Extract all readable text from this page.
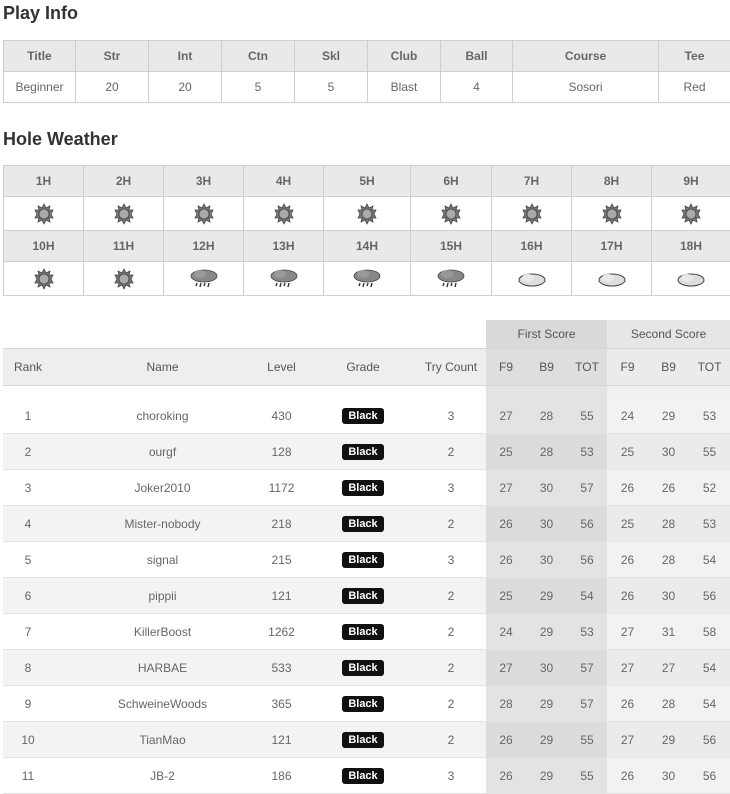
Play Info
Title	Str	Int	Ctn	Skl	Club	Ball	Course	Tee
Beginner	20	20	5	5	Blast	4	Sosori	Red
Hole Weather
1H	2H	3H	4H	5H	6H	7H	8H	9H

10H	11H	12H	13H	14H	15H	16H	17H	18H

					First Score			Second Score		
Rank	Name	Level	Grade	Try Count	F9	B9	TOT	F9	B9	TOT

1	choroking	430	Black	3	27	28	55	24	29	53
2	ourgf	128	Black	2	25	28	53	25	30	55
3	Joker2010	1172	Black	3	27	30	57	26	26	52
4	Mister-nobody	218	Black	2	26	30	56	25	28	53
5	signal	215	Black	3	26	30	56	26	28	54
6	pippii	121	Black	2	25	29	54	26	30	56
7	KillerBoost	1262	Black	2	24	29	53	27	31	58
8	HARBAE	533	Black	2	27	30	57	27	27	54
9	SchweineWoods	365	Black	2	28	29	57	26	28	54
10	TianMao	121	Black	2	26	29	55	27	29	56
11	JB-2	186	Black	3	26	29	55	26	30	56
